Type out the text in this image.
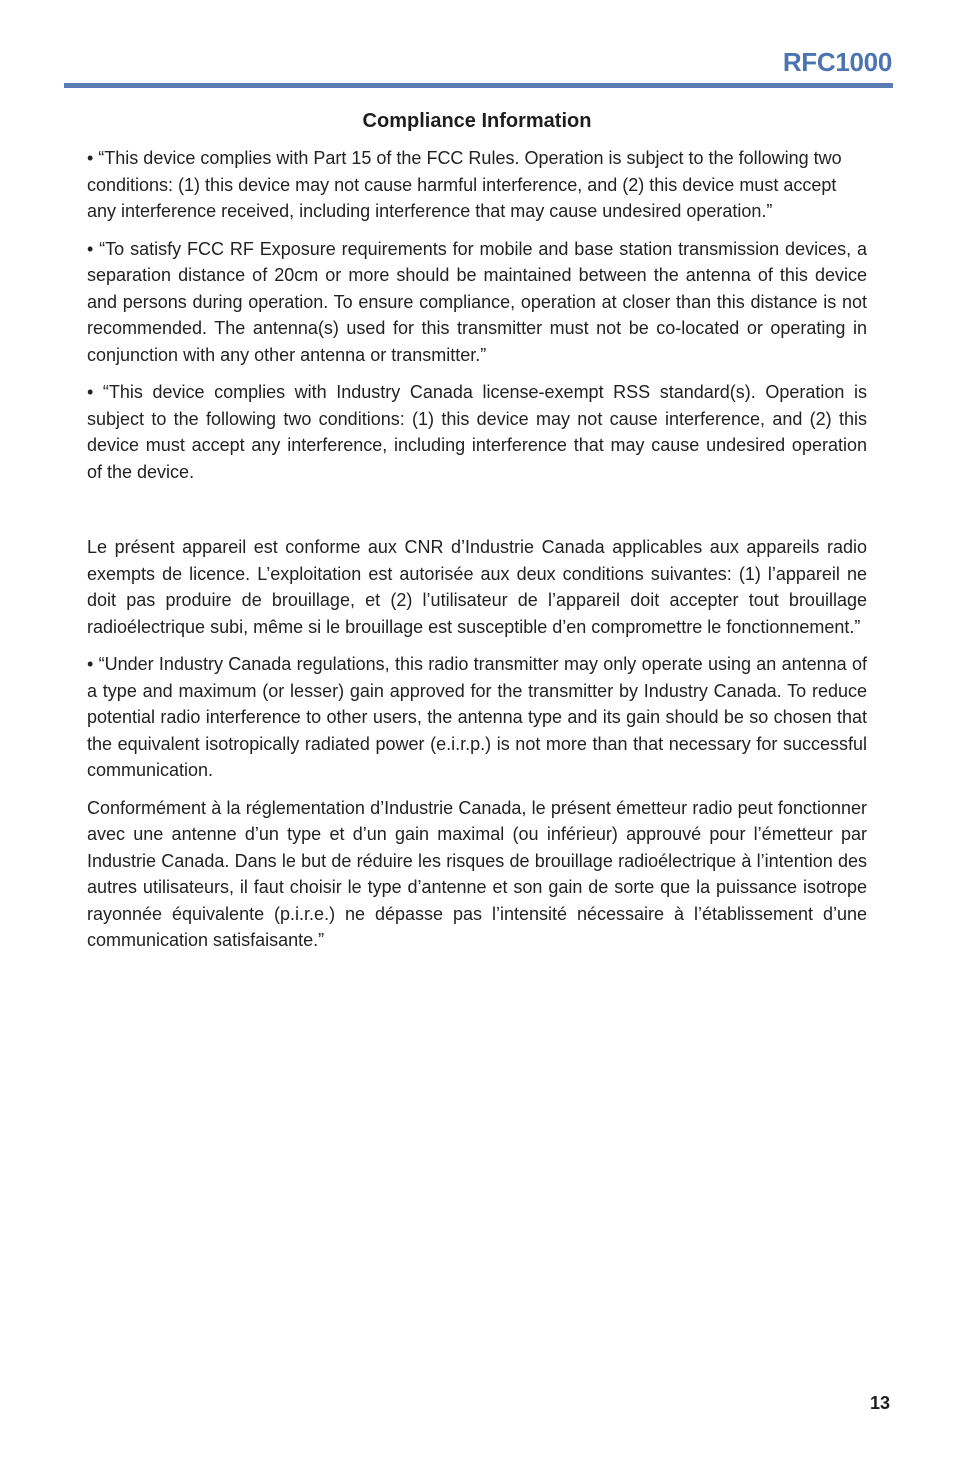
RFC1000
Compliance Information

• “This device complies with Part 15 of the FCC Rules. Operation is subject to the following two conditions: (1) this device may not cause harmful interference, and (2) this device must accept any interference received, including interference that may cause undesired operation.”

• “To satisfy FCC RF Exposure requirements for mobile and base station transmission devices, a separation distance of 20cm or more should be maintained between the antenna of this device and persons during operation. To ensure compliance, operation at closer than this distance is not recommended. The antenna(s) used for this transmitter must not be co-located or operating in conjunction with any other antenna or transmitter.”

• “This device complies with Industry Canada license-exempt RSS standard(s). Operation is subject to the following two conditions: (1) this device may not cause interference, and (2) this device must accept any interference, including interference that may cause undesired operation of the device.

Le présent appareil est conforme aux CNR d’Industrie Canada applicables aux appareils radio exempts de licence. L’exploitation est autorisée aux deux conditions suivantes: (1) l’appareil ne doit pas produire de brouillage, et (2) l’utilisateur de l’appareil doit accepter tout brouillage radioélectrique subi, même si le brouillage est susceptible d’en compromettre le fonctionnement.”

• “Under Industry Canada regulations, this radio transmitter may only operate using an antenna of a type and maximum (or lesser) gain approved for the transmitter by Industry Canada. To reduce potential radio interference to other users, the antenna type and its gain should be so chosen that the equivalent isotropically radiated power (e.i.r.p.) is not more than that necessary for successful communication.

Conformément à la réglementation d’Industrie Canada, le présent émetteur radio peut fonctionner avec une antenne d’un type et d’un gain maximal (ou inférieur) approuvé pour l’émetteur par Industrie Canada. Dans le but de réduire les risques de brouillage radioélectrique à l’intention des autres utilisateurs, il faut choisir le type d’antenne et son gain de sorte que la puissance isotrope rayonnée équivalente (p.i.r.e.) ne dépasse pas l’intensité nécessaire à l’établissement d’une communication satisfaisante.”

13
